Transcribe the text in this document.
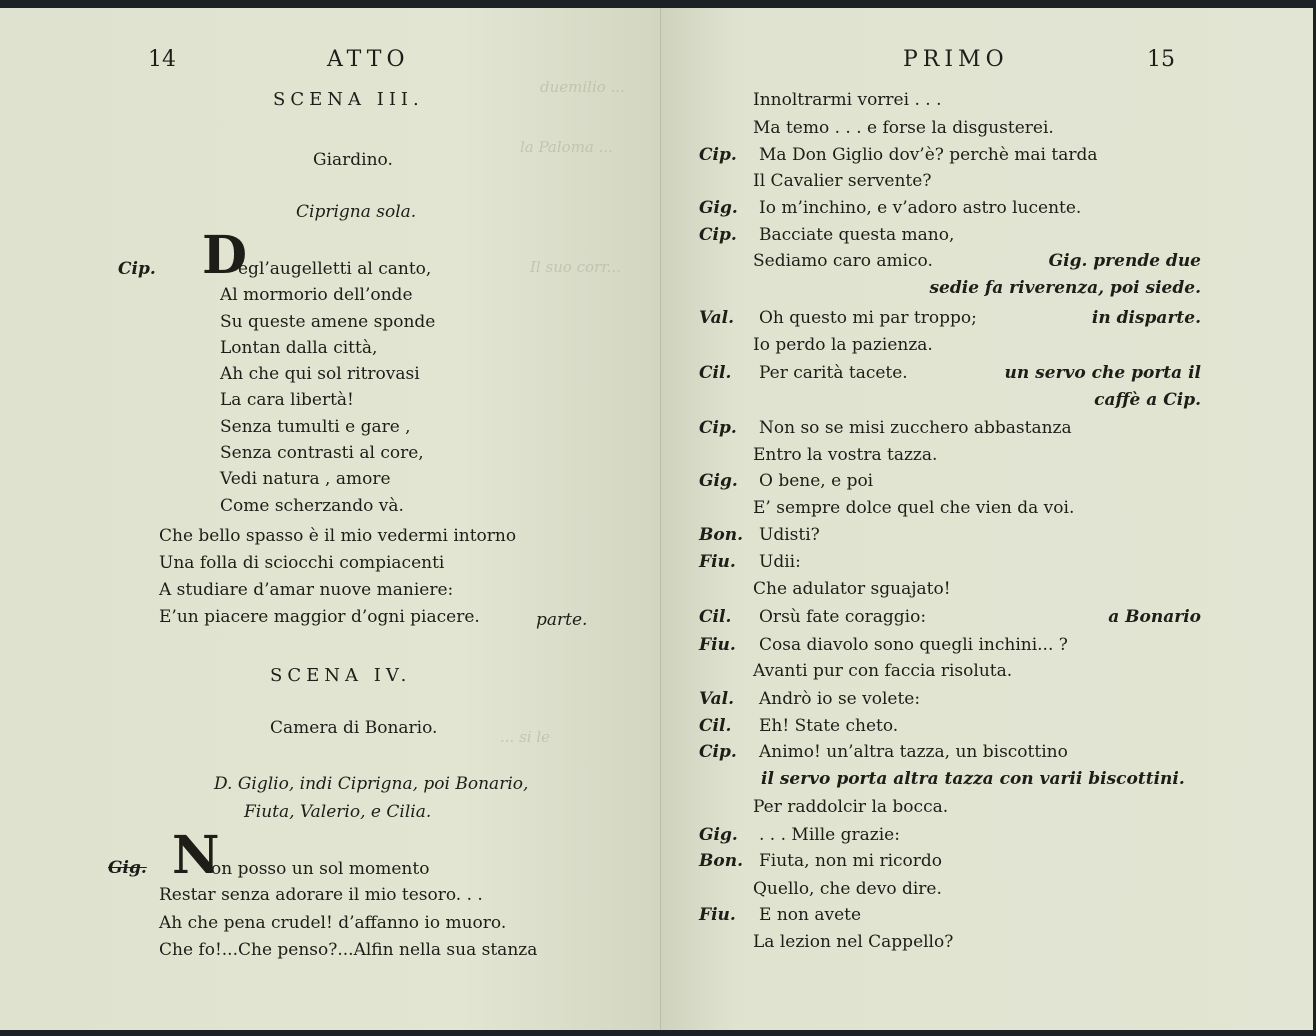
duemilio ...
la Paloma ...
Il suo corr...
... si le
14	ATTO
SCENA III.
Giardino.
Ciprigna sola.
Cip. D
egl’augelletti al canto,
Al mormorio dell’onde
Su queste amene sponde
Lontan dalla città,
Ah che qui sol ritrovasi
La cara libertà!
Senza tumulti e gare ,
Senza contrasti al core,
Vedi natura , amore
Come scherzando và.
Che bello spasso è il mio vedermi intorno
Una folla di sciocchi compiacenti
A studiare d’amar nuove maniere:
E’un piacere maggior d’ogni piacere.	parte.
SCENA IV.
Camera di Bonario.
D. Giglio, indi Ciprigna, poi Bonario,
Fiuta, Valerio, e Cilia.
Gig. N
on posso un sol momento
Restar senza adorare il mio tesoro. . .
Ah che pena crudel! d’affanno io muoro.
Che fo!...Che penso?...Alfin nella sua stanza
PRIMO	15
Innoltrarmi vorrei . . .
Ma temo . . . e forse la disgusterei.
Cip. Ma Don Giglio dov’è? perchè mai tarda
Il Cavalier servente?
Gig. Io m’inchino, e v’adoro astro lucente.
Cip. Bacciate questa mano,
Sediamo caro amico.	Gig. prende due
sedie fa riverenza, poi siede.
Val. Oh questo mi par troppo;	in disparte.
Io perdo la pazienza.
Cil. Per carità tacete.	un servo che porta il
caffè a Cip.
Cip. Non so se misi zucchero abbastanza
Entro la vostra tazza.
Gig. O bene, e poi
E’ sempre dolce quel che vien da voi.
Bon. Udisti?
Fiu. Udii:
Che adulator sguajato!
Cil. Orsù fate coraggio:	a Bonario
Fiu. Cosa diavolo sono quegli inchini... ?
Avanti pur con faccia risoluta.
Val. Andrò io se volete:
Cil. Eh! State cheto.
Cip. Animo! un’altra tazza, un biscottino
il servo porta altra tazza con varii biscottini.
Per raddolcir la bocca.
Gig. . . . Mille grazie:
Bon. Fiuta, non mi ricordo
Quello, che devo dire.
Fiu. E non avete
La lezion nel Cappello?
